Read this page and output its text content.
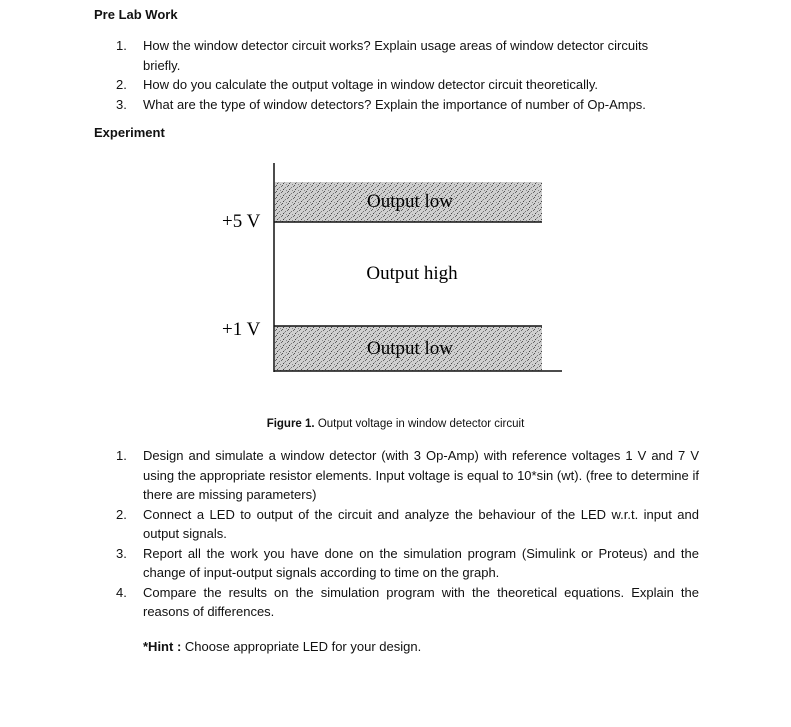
Pre Lab Work
1. How the window detector circuit works? Explain usage areas of window detector circuits briefly.
2. How do you calculate the output voltage in window detector circuit theoretically.
3. What are the type of window detectors? Explain the importance of number of Op-Amps.
Experiment
+5 V
+1 V
Output low
Output high
Output low
Figure 1. Output voltage in window detector circuit
1. Design and simulate a window detector (with 3 Op-Amp) with reference voltages 1 V and 7 V using the appropriate resistor elements. Input voltage is equal to 10*sin (wt). (free to determine if there are missing parameters)
2. Connect a LED to output of the circuit and analyze the behaviour of the LED w.r.t. input and output signals.
3. Report all the work you have done on the simulation program (Simulink or Proteus) and the change of input-output signals according to time on the graph.
4. Compare the results on the simulation program with the theoretical equations. Explain the reasons of differences.
*Hint : Choose appropriate LED for your design.
